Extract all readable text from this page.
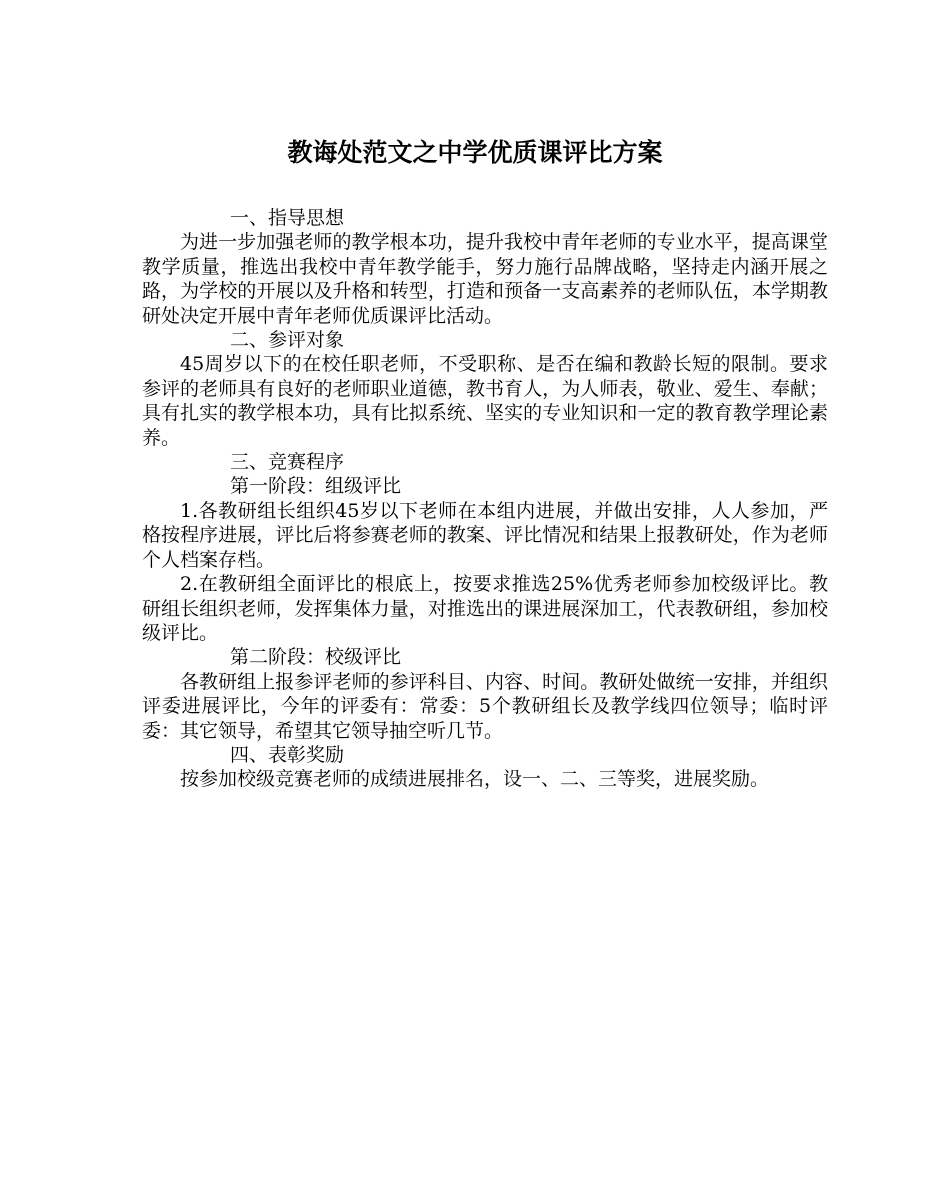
教诲处范文之中学优质课评比方案

一、指导思想

为进一步加强老师的教学根本功，提升我校中青年老师的专业水平，提高课堂教学质量，推选出我校中青年教学能手，努力施行品牌战略，坚持走内涵开展之路，为学校的开展以及升格和转型，打造和预备一支高素养的老师队伍，本学期教研处决定开展中青年老师优质课评比活动。

二、参评对象

45周岁以下的在校任职老师，不受职称、是否在编和教龄长短的限制。要求参评的老师具有良好的老师职业道德，教书育人，为人师表，敬业、爱生、奉献；具有扎实的教学根本功，具有比拟系统、坚实的专业知识和一定的教育教学理论素养。

三、竞赛程序

第一阶段：组级评比

1.各教研组长组织45岁以下老师在本组内进展，并做出安排，人人参加，严格按程序进展，评比后将参赛老师的教案、评比情况和结果上报教研处，作为老师个人档案存档。

2.在教研组全面评比的根底上，按要求推选25%优秀老师参加校级评比。教研组长组织老师，发挥集体力量，对推选出的课进展深加工，代表教研组，参加校级评比。

第二阶段：校级评比

各教研组上报参评老师的参评科目、内容、时间。教研处做统一安排，并组织评委进展评比，今年的评委有：常委：5个教研组长及教学线四位领导；临时评委：其它领导，希望其它领导抽空听几节。

四、表彰奖励

按参加校级竞赛老师的成绩进展排名，设一、二、三等奖，进展奖励。
